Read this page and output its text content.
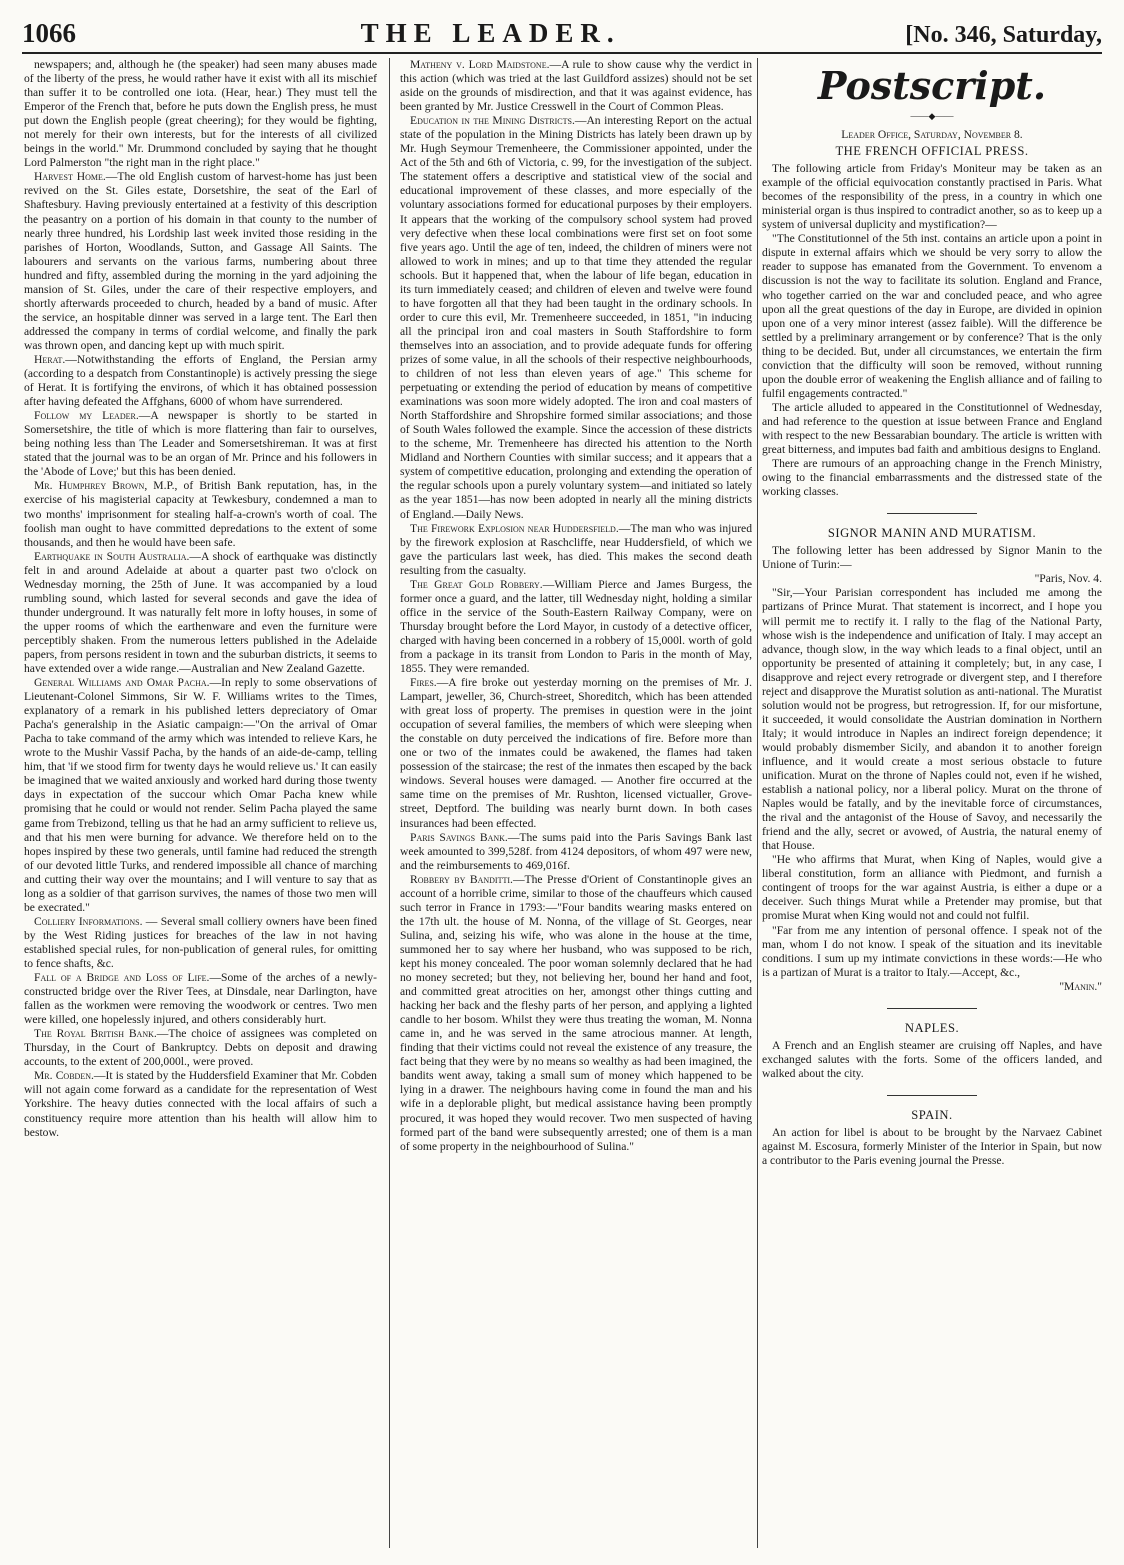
1066	THE LEADER.	[No. 346, Saturday,

newspapers; and, although he (the speaker) had seen many abuses made of the liberty of the press, he would rather have it exist with all its mischief than suffer it to be controlled one iota. (Hear, hear.) They must tell the Emperor of the French that, before he puts down the English press, he must put down the English people (great cheering); for they would be fighting, not merely for their own interests, but for the interests of all civilized beings in the world." Mr. Drummond concluded by saying that he thought Lord Palmerston "the right man in the right place."

Harvest Home.—The old English custom of harvest-home has just been revived on the St. Giles estate, Dorsetshire, the seat of the Earl of Shaftesbury. Having previously entertained at a festivity of this description the peasantry on a portion of his domain in that county to the number of nearly three hundred, his Lordship last week invited those residing in the parishes of Horton, Woodlands, Sutton, and Gassage All Saints. The labourers and servants on the various farms, numbering about three hundred and fifty, assembled during the morning in the yard adjoining the mansion of St. Giles, under the care of their respective employers, and shortly afterwards proceeded to church, headed by a band of music. After the service, an hospitable dinner was served in a large tent. The Earl then addressed the company in terms of cordial welcome, and finally the park was thrown open, and dancing kept up with much spirit.

Herat.—Notwithstanding the efforts of England, the Persian army (according to a despatch from Constantinople) is actively pressing the siege of Herat. It is fortifying the environs, of which it has obtained possession after having defeated the Affghans, 6000 of whom have surrendered.

Follow my Leader.—A newspaper is shortly to be started in Somersetshire, the title of which is more flattering than fair to ourselves, being nothing less than The Leader and Somersetshireman. It was at first stated that the journal was to be an organ of Mr. Prince and his followers in the 'Abode of Love;' but this has been denied.

Mr. Humphrey Brown, M.P., of British Bank reputation, has, in the exercise of his magisterial capacity at Tewkesbury, condemned a man to two months' imprisonment for stealing half-a-crown's worth of coal. The foolish man ought to have committed depredations to the extent of some thousands, and then he would have been safe.

Earthquake in South Australia.—A shock of earthquake was distinctly felt in and around Adelaide at about a quarter past two o'clock on Wednesday morning, the 25th of June. It was accompanied by a loud rumbling sound, which lasted for several seconds and gave the idea of thunder underground. It was naturally felt more in lofty houses, in some of the upper rooms of which the earthenware and even the furniture were perceptibly shaken. From the numerous letters published in the Adelaide papers, from persons resident in town and the suburban districts, it seems to have extended over a wide range.—Australian and New Zealand Gazette.

General Williams and Omar Pacha.—In reply to some observations of Lieutenant-Colonel Simmons, Sir W. F. Williams writes to the Times, explanatory of a remark in his published letters depreciatory of Omar Pacha's generalship in the Asiatic campaign:—"On the arrival of Omar Pacha to take command of the army which was intended to relieve Kars, he wrote to the Mushir Vassif Pacha, by the hands of an aide-de-camp, telling him, that 'if we stood firm for twenty days he would relieve us.' It can easily be imagined that we waited anxiously and worked hard during those twenty days in expectation of the succour which Omar Pacha knew while promising that he could or would not render. Selim Pacha played the same game from Trebizond, telling us that he had an army sufficient to relieve us, and that his men were burning for advance. We therefore held on to the hopes inspired by these two generals, until famine had reduced the strength of our devoted little Turks, and rendered impossible all chance of marching and cutting their way over the mountains; and I will venture to say that as long as a soldier of that garrison survives, the names of those two men will be execrated."

Colliery Informations. — Several small colliery owners have been fined by the West Riding justices for breaches of the law in not having established special rules, for non-publication of general rules, for omitting to fence shafts, &c.

Fall of a Bridge and Loss of Life.—Some of the arches of a newly-constructed bridge over the River Tees, at Dinsdale, near Darlington, have fallen as the workmen were removing the woodwork or centres. Two men were killed, one hopelessly injured, and others considerably hurt.

The Royal British Bank.—The choice of assignees was completed on Thursday, in the Court of Bankruptcy. Debts on deposit and drawing accounts, to the extent of 200,000l., were proved.

Mr. Cobden.—It is stated by the Huddersfield Examiner that Mr. Cobden will not again come forward as a candidate for the representation of West Yorkshire. The heavy duties connected with the local affairs of such a constituency require more attention than his health will allow him to bestow.

Matheny v. Lord Maidstone.—A rule to show cause why the verdict in this action (which was tried at the last Guildford assizes) should not be set aside on the grounds of misdirection, and that it was against evidence, has been granted by Mr. Justice Cresswell in the Court of Common Pleas.

Education in the Mining Districts.—An interesting Report on the actual state of the population in the Mining Districts has lately been drawn up by Mr. Hugh Seymour Tremenheere, the Commissioner appointed, under the Act of the 5th and 6th of Victoria, c. 99, for the investigation of the subject. The statement offers a descriptive and statistical view of the social and educational improvement of these classes, and more especially of the voluntary associations formed for educational purposes by their employers. It appears that the working of the compulsory school system had proved very defective when these local combinations were first set on foot some five years ago. Until the age of ten, indeed, the children of miners were not allowed to work in mines; and up to that time they attended the regular schools. But it happened that, when the labour of life began, education in its turn immediately ceased; and children of eleven and twelve were found to have forgotten all that they had been taught in the ordinary schools. In order to cure this evil, Mr. Tremenheere succeeded, in 1851, "in inducing all the principal iron and coal masters in South Staffordshire to form themselves into an association, and to provide adequate funds for offering prizes of some value, in all the schools of their respective neighbourhoods, to children of not less than eleven years of age." This scheme for perpetuating or extending the period of education by means of competitive examinations was soon more widely adopted. The iron and coal masters of North Staffordshire and Shropshire formed similar associations; and those of South Wales followed the example. Since the accession of these districts to the scheme, Mr. Tremenheere has directed his attention to the North Midland and Northern Counties with similar success; and it appears that a system of competitive education, prolonging and extending the operation of the regular schools upon a purely voluntary system—and initiated so lately as the year 1851—has now been adopted in nearly all the mining districts of England.—Daily News.

The Firework Explosion near Huddersfield.—The man who was injured by the firework explosion at Raschcliffe, near Huddersfield, of which we gave the particulars last week, has died. This makes the second death resulting from the casualty.

The Great Gold Robbery.—William Pierce and James Burgess, the former once a guard, and the latter, till Wednesday night, holding a similar office in the service of the South-Eastern Railway Company, were on Thursday brought before the Lord Mayor, in custody of a detective officer, charged with having been concerned in a robbery of 15,000l. worth of gold from a package in its transit from London to Paris in the month of May, 1855. They were remanded.

Fires.—A fire broke out yesterday morning on the premises of Mr. J. Lampart, jeweller, 36, Church-street, Shoreditch, which has been attended with great loss of property. The premises in question were in the joint occupation of several families, the members of which were sleeping when the constable on duty perceived the indications of fire. Before more than one or two of the inmates could be awakened, the flames had taken possession of the staircase; the rest of the inmates then escaped by the back windows. Several houses were damaged. — Another fire occurred at the same time on the premises of Mr. Rushton, licensed victualler, Grove-street, Deptford. The building was nearly burnt down. In both cases insurances had been effected.

Paris Savings Bank.—The sums paid into the Paris Savings Bank last week amounted to 399,528f. from 4124 depositors, of whom 497 were new, and the reimbursements to 469,016f.

Robbery by Banditti.—The Presse d'Orient of Constantinople gives an account of a horrible crime, similar to those of the chauffeurs which caused such terror in France in 1793:—"Four bandits wearing masks entered on the 17th ult. the house of M. Nonna, of the village of St. Georges, near Sulina, and, seizing his wife, who was alone in the house at the time, summoned her to say where her husband, who was supposed to be rich, kept his money concealed. The poor woman solemnly declared that he had no money secreted; but they, not believing her, bound her hand and foot, and committed great atrocities on her, amongst other things cutting and hacking her back and the fleshy parts of her person, and applying a lighted candle to her bosom. Whilst they were thus treating the woman, M. Nonna came in, and he was served in the same atrocious manner. At length, finding that their victims could not reveal the existence of any treasure, the fact being that they were by no means so wealthy as had been imagined, the bandits went away, taking a small sum of money which happened to be lying in a drawer. The neighbours having come in found the man and his wife in a deplorable plight, but medical assistance having been promptly procured, it was hoped they would recover. Two men suspected of having formed part of the band were subsequently arrested; one of them is a man of some property in the neighbourhood of Sulina."

Postscript.
——◆——
Leader Office, Saturday, November 8.
THE FRENCH OFFICIAL PRESS.

The following article from Friday's Moniteur may be taken as an example of the official equivocation constantly practised in Paris. What becomes of the responsibility of the press, in a country in which one ministerial organ is thus inspired to contradict another, so as to keep up a system of universal duplicity and mystification?—

"The Constitutionnel of the 5th inst. contains an article upon a point in dispute in external affairs which we should be very sorry to allow the reader to suppose has emanated from the Government. To envenom a discussion is not the way to facilitate its solution. England and France, who together carried on the war and concluded peace, and who agree upon all the great questions of the day in Europe, are divided in opinion upon one of a very minor interest (assez faible). Will the difference be settled by a preliminary arrangement or by conference? That is the only thing to be decided. But, under all circumstances, we entertain the firm conviction that the difficulty will soon be removed, without running upon the double error of weakening the English alliance and of failing to fulfil engagements contracted."

The article alluded to appeared in the Constitutionnel of Wednesday, and had reference to the question at issue between France and England with respect to the new Bessarabian boundary. The article is written with great bitterness, and imputes bad faith and ambitious designs to England.

There are rumours of an approaching change in the French Ministry, owing to the financial embarrassments and the distressed state of the working classes.

SIGNOR MANIN AND MURATISM.

The following letter has been addressed by Signor Manin to the Unione of Turin:—

"Paris, Nov. 4.

"Sir,—Your Parisian correspondent has included me among the partizans of Prince Murat. That statement is incorrect, and I hope you will permit me to rectify it. I rally to the flag of the National Party, whose wish is the independence and unification of Italy. I may accept an advance, though slow, in the way which leads to a final object, until an opportunity be presented of attaining it completely; but, in any case, I disapprove and reject every retrograde or divergent step, and I therefore reject and disapprove the Muratist solution as anti-national. The Muratist solution would not be progress, but retrogression. If, for our misfortune, it succeeded, it would consolidate the Austrian domination in Northern Italy; it would introduce in Naples an indirect foreign dependence; it would probably dismember Sicily, and abandon it to another foreign influence, and it would create a most serious obstacle to future unification. Murat on the throne of Naples could not, even if he wished, establish a national policy, nor a liberal policy. Murat on the throne of Naples would be fatally, and by the inevitable force of circumstances, the rival and the antagonist of the House of Savoy, and necessarily the friend and the ally, secret or avowed, of Austria, the natural enemy of that House.

"He who affirms that Murat, when King of Naples, would give a liberal constitution, form an alliance with Piedmont, and furnish a contingent of troops for the war against Austria, is either a dupe or a deceiver. Such things Murat while a Pretender may promise, but that promise Murat when King would not and could not fulfil.

"Far from me any intention of personal offence. I speak not of the man, whom I do not know. I speak of the situation and its inevitable conditions. I sum up my intimate convictions in these words:—He who is a partizan of Murat is a traitor to Italy.—Accept, &c.,

"Manin."

NAPLES.

A French and an English steamer are cruising off Naples, and have exchanged salutes with the forts. Some of the officers landed, and walked about the city.

SPAIN.

An action for libel is about to be brought by the Narvaez Cabinet against M. Escosura, formerly Minister of the Interior in Spain, but now a contributor to the Paris evening journal the Presse.
